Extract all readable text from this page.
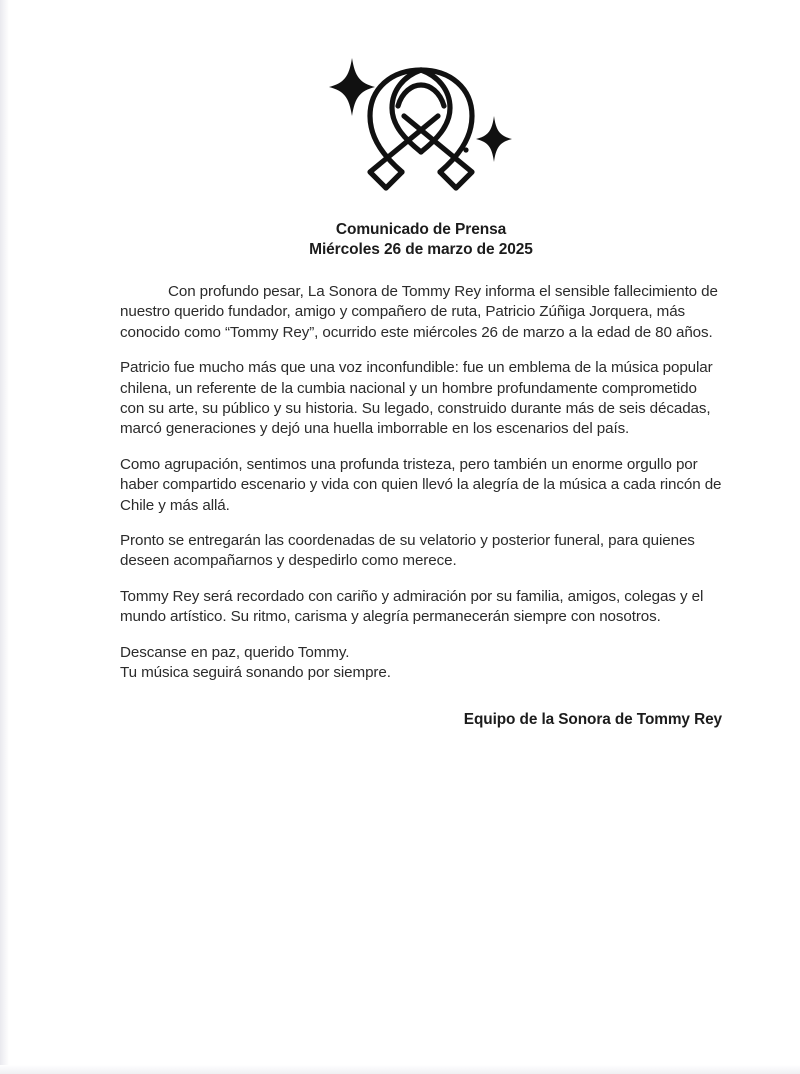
Comunicado de Prensa
Miércoles 26 de marzo de 2025

Con profundo pesar, La Sonora de Tommy Rey informa el sensible fallecimiento de nuestro querido fundador, amigo y compañero de ruta, Patricio Zúñiga Jorquera, más conocido como “Tommy Rey”, ocurrido este miércoles 26 de marzo a la edad de 80 años.

Patricio fue mucho más que una voz inconfundible: fue un emblema de la música popular chilena, un referente de la cumbia nacional y un hombre profundamente comprometido con su arte, su público y su historia. Su legado, construido durante más de seis décadas, marcó generaciones y dejó una huella imborrable en los escenarios del país.

Como agrupación, sentimos una profunda tristeza, pero también un enorme orgullo por haber compartido escenario y vida con quien llevó la alegría de la música a cada rincón de Chile y más allá.

Pronto se entregarán las coordenadas de su velatorio y posterior funeral, para quienes deseen acompañarnos y despedirlo como merece.

Tommy Rey será recordado con cariño y admiración por su familia, amigos, colegas y el mundo artístico. Su ritmo, carisma y alegría permanecerán siempre con nosotros.

Descanse en paz, querido Tommy.

Tu música seguirá sonando por siempre.

Equipo de la Sonora de Tommy Rey
